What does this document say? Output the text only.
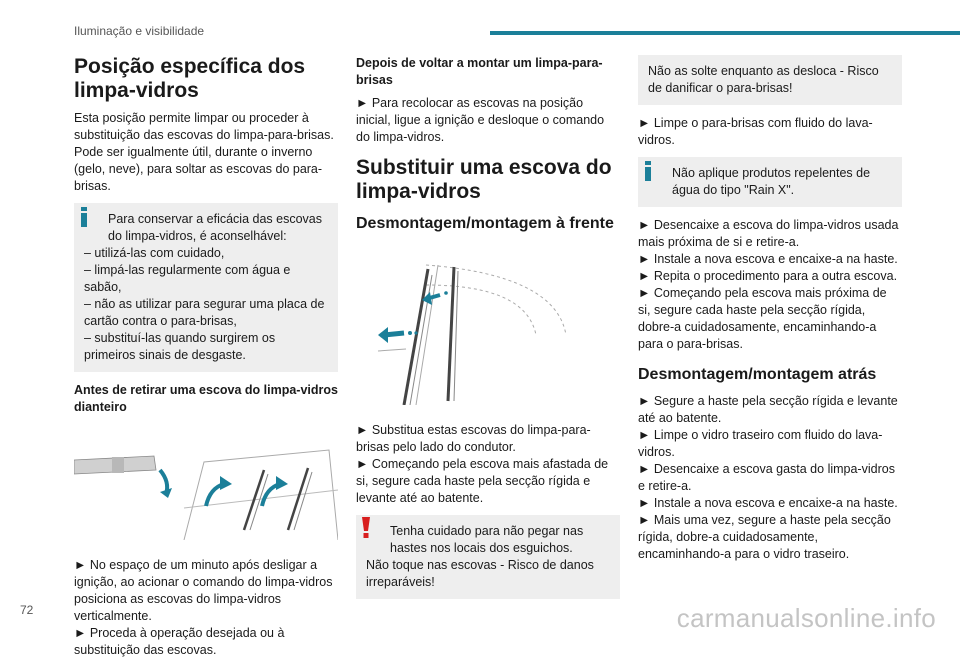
Iluminação e visibilidade
Posição específica dos limpa-vidros

Esta posição permite limpar ou proceder à substituição das escovas do limpa-para-brisas. Pode ser igualmente útil, durante o inverno (gelo, neve), para soltar as escovas do para-brisas.

Para conservar a eficácia das escovas do limpa-vidros, é aconselhável:
– utilizá-las com cuidado,
– limpá-las regularmente com água e sabão,
– não as utilizar para segurar uma placa de cartão contra o para-brisas,
– substituí-las quando surgirem os primeiros sinais de desgaste.
Antes de retirar uma escova do limpa-vidros dianteiro
► No espaço de um minuto após desligar a ignição, ao acionar o comando do limpa-vidros posiciona as escovas do limpa-vidros verticalmente.
► Proceda à operação desejada ou à substituição das escovas.
Depois de voltar a montar um limpa-para-brisas

► Para recolocar as escovas na posição inicial, ligue a ignição e desloque o comando do limpa-vidros.

Substituir uma escova do limpa-vidros
Desmontagem/montagem à frente
► Substitua estas escovas do limpa-para-brisas pelo lado do condutor.
► Começando pela escova mais afastada de si, segure cada haste pela secção rígida e levante até ao batente.
Tenha cuidado para não pegar nas hastes nos locais dos esguichos.
Não toque nas escovas - Risco de danos irreparáveis!
Não as solte enquanto as desloca - Risco de danificar o para-brisas!
► Limpe o para-brisas com fluido do lava-vidros.
Não aplique produtos repelentes de água do tipo "Rain X".
► Desencaixe a escova do limpa-vidros usada mais próxima de si e retire-a.
► Instale a nova escova e encaixe-a na haste.
► Repita o procedimento para a outra escova.
► Começando pela escova mais próxima de si, segure cada haste pela secção rígida, dobre-a cuidadosamente, encaminhando-a para o para-brisas.
Desmontagem/montagem atrás
► Segure a haste pela secção rígida e levante até ao batente.
► Limpe o vidro traseiro com fluido do lava-vidros.
► Desencaixe a escova gasta do limpa-vidros e retire-a.
► Instale a nova escova e encaixe-a na haste.
► Mais uma vez, segure a haste pela secção rígida, dobre-a cuidadosamente, encaminhando-a para o vidro traseiro.
72	carmanualsonline.info
